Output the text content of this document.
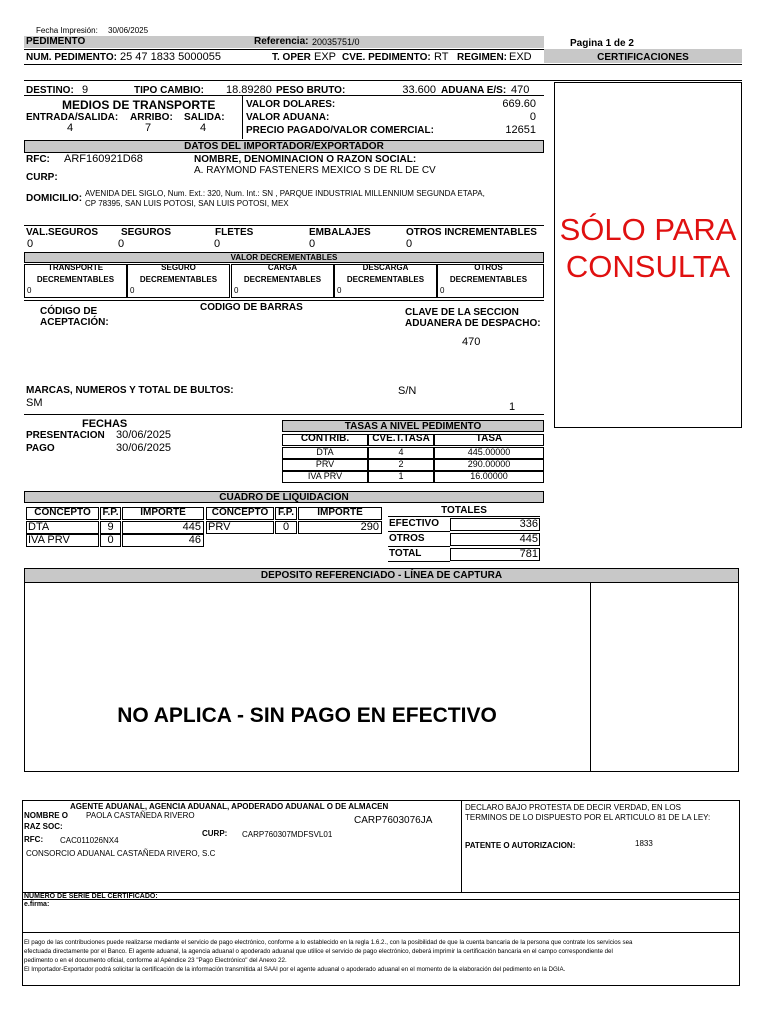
Fecha Impresión: 30/06/2025
PEDIMENTO	Referencia: 20035751/0	Pagina 1 de 2
NUM. PEDIMENTO: 25 47 1833 5000055	T. OPER EXP CVE. PEDIMENTO: RT REGIMEN: EXD	CERTIFICACIONES
SÓLO PARA
CONSULTA
DESTINO: 9	TIPO CAMBIO: 18.89280 PESO BRUTO:	33.600 ADUANA E/S: 470
MEDIOS DE TRANSPORTE
ENTRADA/SALIDA: ARRIBO: SALIDA:
4	7	4
VALOR DOLARES:	669.60
VALOR ADUANA:	0
PRECIO PAGADO/VALOR COMERCIAL:	12651
DATOS DEL IMPORTADOR/EXPORTADOR
RFC: ARF160921D68	NOMBRE, DENOMINACION O RAZON SOCIAL:
A. RAYMOND FASTENERS MEXICO S DE RL DE CV
CURP:
DOMICILIO: AVENIDA DEL SIGLO, Num. Ext.: 320, Num. Int.: SN , PARQUE INDUSTRIAL MILLENNIUM SEGUNDA ETAPA,
CP 78395, SAN LUIS POTOSI, SAN LUIS POTOSI, MEX
VAL.SEGUROS SEGUROS	FLETES	EMBALAJES	OTROS INCREMENTABLES
0	0	0	0	0
VALOR DECREMENTABLES
TRANSPORTE
DECREMENTABLES
0
SEGURO
DECREMENTABLES
0
CARGA
DECREMENTABLES
0
DESCARGA
DECREMENTABLES
0
OTROS
DECREMENTABLES
0
CÓDIGO DE
ACEPTACIÓN:
CODIGO DE BARRAS	CLAVE DE LA SECCION
ADUANERA DE DESPACHO:
470
MARCAS, NUMEROS Y TOTAL DE BULTOS:	S/N
SM	1
FECHAS
PRESENTACION 30/06/2025
PAGO	30/06/2025
TASAS A NIVEL PEDIMENTO
CONTRIB.	CVE.T.TASA	TASA
DTA	4	445.00000
PRV	2	290.00000
IVA PRV	1	16.00000
CUADRO DE LIQUIDACION
CONCEPTO	F.P.	IMPORTE	CONCEPTO F.P.	IMPORTE
DTA	9	445 PRV	0	290
IVA PRV	0	46
TOTALES
EFECTIVO	336
OTROS	445
TOTAL	781
DEPOSITO REFERENCIADO - LÍNEA DE CAPTURA
NO APLICA - SIN PAGO EN EFECTIVO
AGENTE ADUANAL, AGENCIA ADUANAL, APODERADO ADUANAL O DE ALMACEN
NOMBRE O PAOLA CASTAÑEDA RIVERO	CARP7603076JA
RAZ SOC:
RFC: CAC011026NX4
CURP: CARP760307MDFSVL01
CONSORCIO ADUANAL CASTAÑEDA RIVERO, S.C
DECLARO BAJO PROTESTA DE DECIR VERDAD, EN LOS
TERMINOS DE LO DISPUESTO POR EL ARTICULO 81 DE LA LEY:
PATENTE O AUTORIZACION:	1833
NUMERO DE SERIE DEL CERTIFICADO:
e.firma:
El pago de las contribuciones puede realizarse mediante el servicio de pago electrónico, conforme a lo establecido en la regla 1.6.2., con la posibilidad de que la cuenta bancaria de la persona que contrate los servicios sea
efectuada directamente por el Banco. El agente aduanal, la agencia aduanal o apoderado aduanal que utilice el servicio de pago electrónico, deberá imprimir la certificación bancaria en el campo correspondiente del
pedimento o en el documento oficial, conforme al Apéndice 23 "Pago Electrónico" del Anexo 22.
El Importador-Exportador podrá solicitar la certificación de la información transmitida al SAAI por el agente aduanal o apoderado aduanal en el momento de la elaboración del pedimento en la DGIA.
